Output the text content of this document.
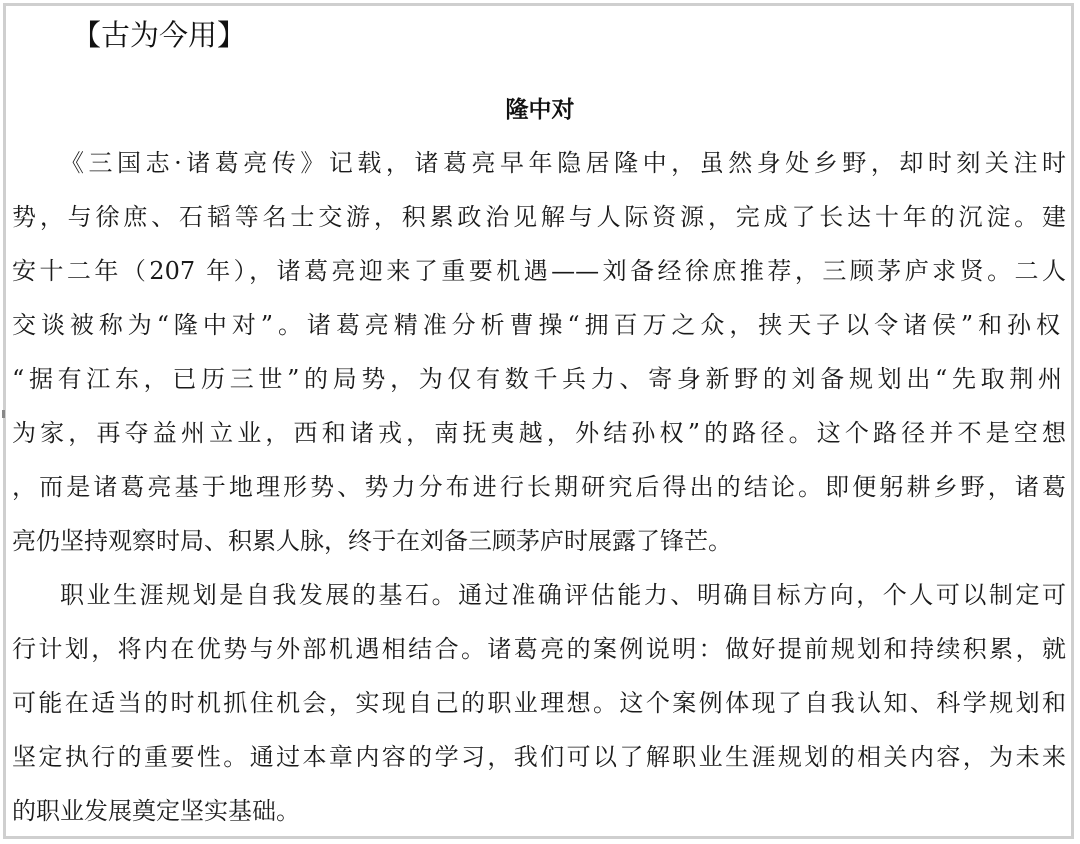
【古为今用】
隆中对
《三国志·诸葛亮传》记载，诸葛亮早年隐居隆中，虽然身处乡野，却时刻关注时
势，与徐庶、石韬等名士交游，积累政治见解与人际资源，完成了长达十年的沉淀。建
安十二年（207 年），诸葛亮迎来了重要机遇——刘备经徐庶推荐，三顾茅庐求贤。二人
交谈被称为“隆中对”。诸葛亮精准分析曹操“拥百万之众，挟天子以令诸侯”和孙权
“据有江东，已历三世”的局势，为仅有数千兵力、寄身新野的刘备规划出“先取荆州
为家，再夺益州立业，西和诸戎，南抚夷越，外结孙权”的路径。这个路径并不是空想
，而是诸葛亮基于地理形势、势力分布进行长期研究后得出的结论。即便躬耕乡野，诸葛
亮仍坚持观察时局、积累人脉，终于在刘备三顾茅庐时展露了锋芒。
职业生涯规划是自我发展的基石。通过准确评估能力、明确目标方向，个人可以制定可
行计划，将内在优势与外部机遇相结合。诸葛亮的案例说明：做好提前规划和持续积累，就
可能在适当的时机抓住机会，实现自己的职业理想。这个案例体现了自我认知、科学规划和
坚定执行的重要性。通过本章内容的学习，我们可以了解职业生涯规划的相关内容，为未来
的职业发展奠定坚实基础。
